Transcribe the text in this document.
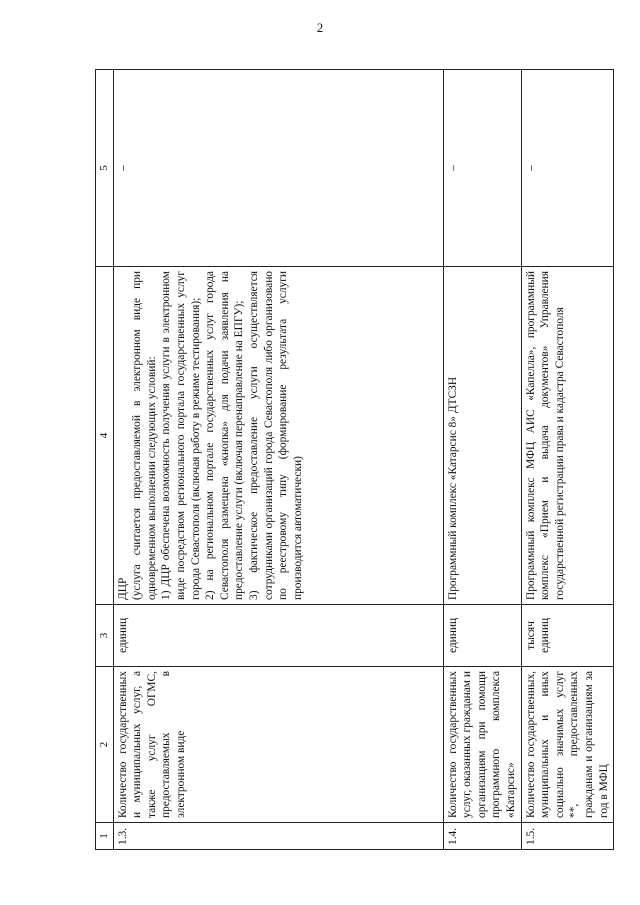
2
1	2	3	4	5
1.3.	Количество государственных и муниципальных услуг, а также услуг ОГМС, предоставляемых в электронном виде	единиц	ДЦР (услуга считается предоставляемой в электронном виде при одновременном выполнении следующих условий:
1) ДЦР обеспечена возможность получения услуги в электронном виде посредством регионального портала государственных услуг города Севастополя (включая работу в режиме тестирования);
2) на региональном портале государственных услуг города Севастополя размещена «кнопка» для подачи заявления на предоставление услуги (включая перенаправление на ЕПГУ);
3) фактическое предоставление услуги осуществляется сотрудниками организаций города Севастополя либо организовано по реестровому типу (формирование результата услуги производится автоматически)	–
1.4.	Количество государственных услуг, оказанных гражданам и организациям при помощи программного комплекса «Катарсис»	единиц	Программный комплекс «Катарсис 8» ДТСЗН	–
1.5.	Количество государственных, муниципальных и иных социально значимых услуг **, предоставленных гражданам и организациям за год в МФЦ	тысяч единиц	Программный комплекс МФЦ АИС «Капелла», программный комплекс «Прием и выдача документов» Управления государственной регистрации права и кадастра Севастополя	–
